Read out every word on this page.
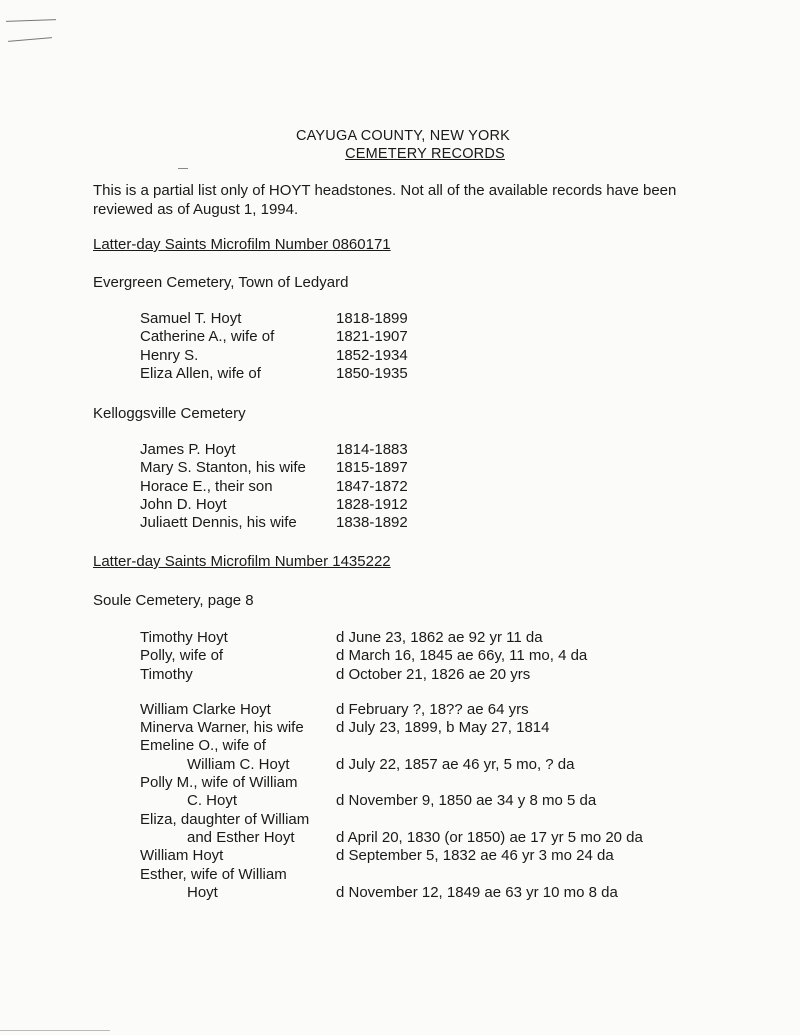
CAYUGA COUNTY, NEW YORK
CEMETERY RECORDS
This is a partial list only of HOYT headstones. Not all of the available records have been reviewed as of August 1, 1994.
Latter-day Saints Microfilm Number 0860171
Evergreen Cemetery, Town of Ledyard
Samuel T. Hoyt	1818-1899
Catherine A., wife of	1821-1907
Henry S.	1852-1934
Eliza Allen, wife of	1850-1935
Kelloggsville Cemetery
James P. Hoyt	1814-1883
Mary S. Stanton, his wife 1815-1897
Horace E., their son	1847-1872
John D. Hoyt	1828-1912
Juliaett Dennis, his wife	1838-1892
Latter-day Saints Microfilm Number 1435222
Soule Cemetery, page 8
Timothy Hoyt	d June 23, 1862 ae 92 yr 11 da
Polly, wife of	d March 16, 1845 ae 66y, 11 mo, 4 da
Timothy	d October 21, 1826 ae 20 yrs
William Clarke Hoyt	d February ?, 18?? ae 64 yrs
Minerva Warner, his wife d July 23, 1899, b May 27, 1814
Emeline O., wife of
William C. Hoyt	d July 22, 1857 ae 46 yr, 5 mo, ? da
Polly M., wife of William
C. Hoyt	d November 9, 1850 ae 34 y 8 mo 5 da
Eliza, daughter of William
and Esther Hoyt	d April 20, 1830 (or 1850) ae 17 yr 5 mo 20 da
William Hoyt	d September 5, 1832 ae 46 yr 3 mo 24 da
Esther, wife of William
Hoyt	d November 12, 1849 ae 63 yr 10 mo 8 da
